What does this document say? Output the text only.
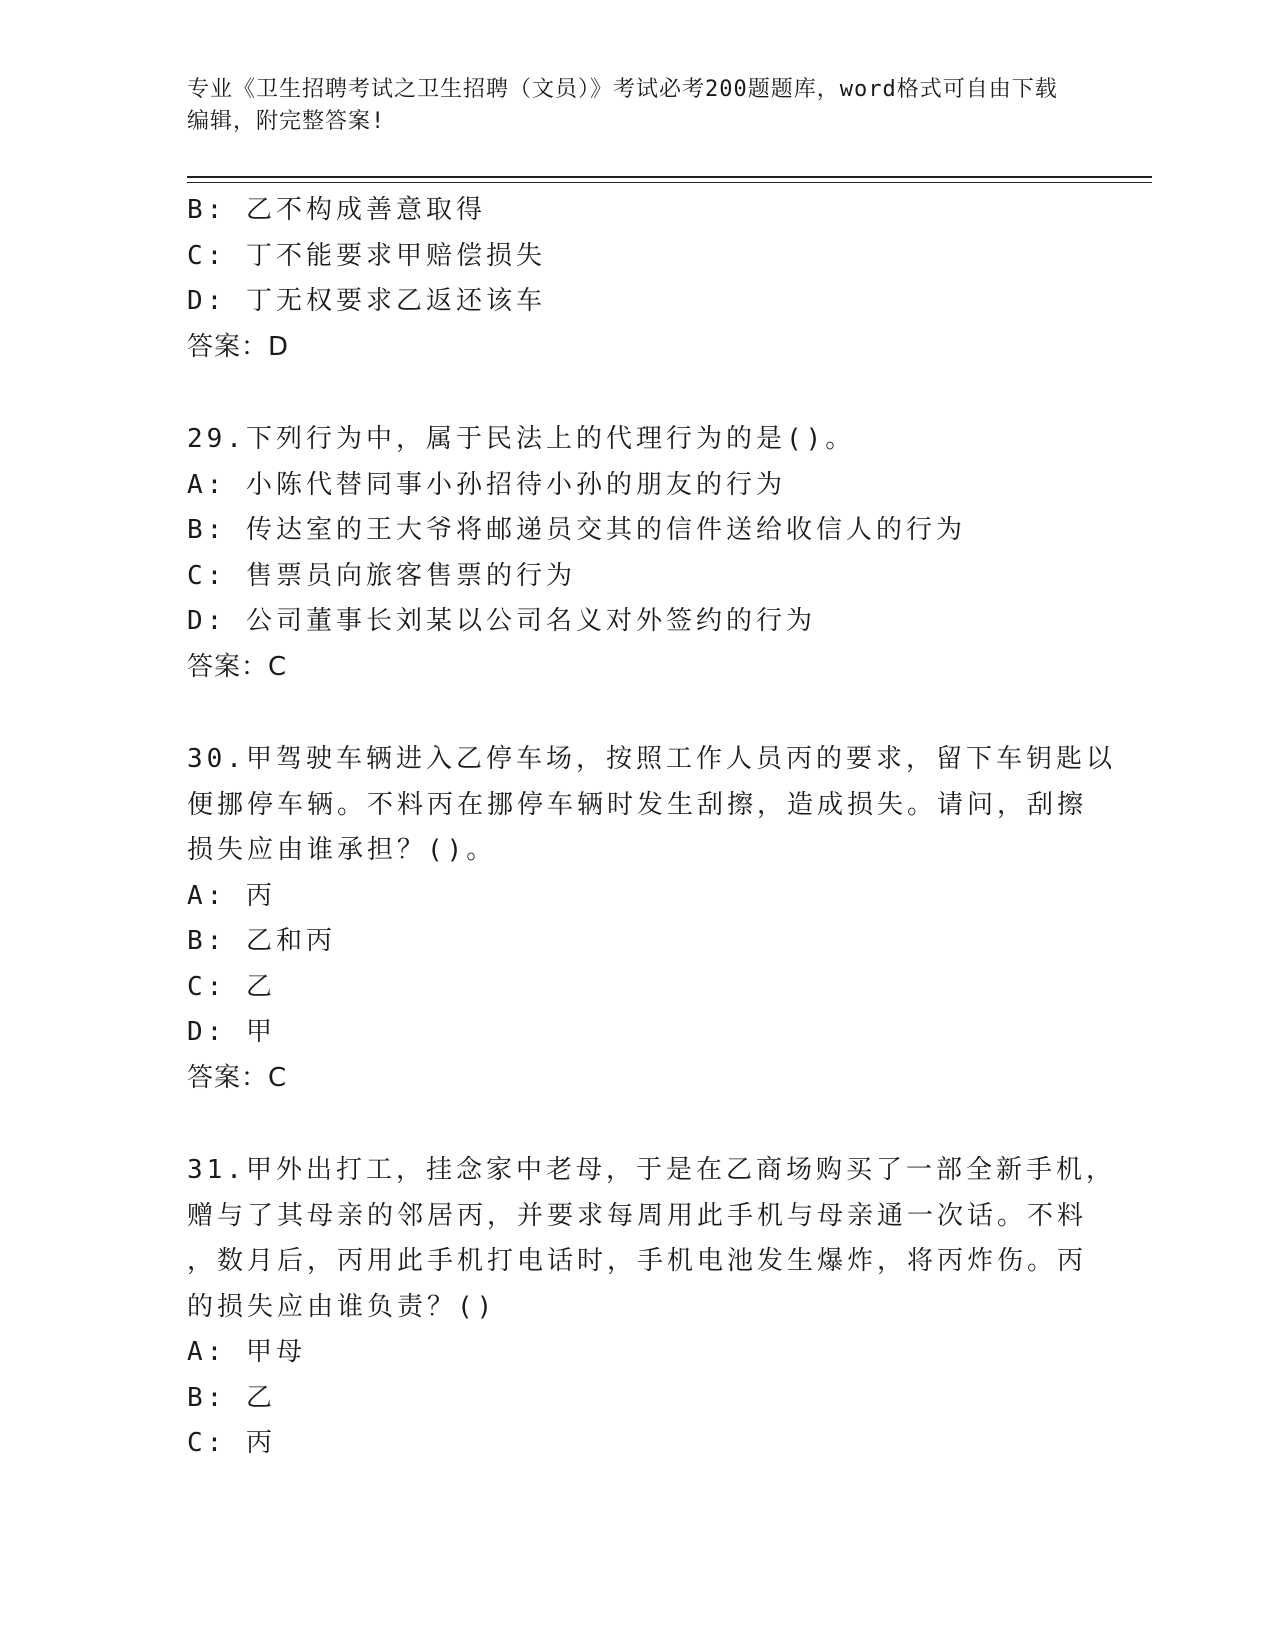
专业《卫生招聘考试之卫生招聘（文员）》考试必考200题题库，word格式可自由下载编辑，附完整答案!
B: 乙不构成善意取得
C: 丁不能要求甲赔偿损失
D: 丁无权要求乙返还该车
答案：D
29.下列行为中，属于民法上的代理行为的是()。
A: 小陈代替同事小孙招待小孙的朋友的行为
B: 传达室的王大爷将邮递员交其的信件送给收信人的行为
C: 售票员向旅客售票的行为
D: 公司董事长刘某以公司名义对外签约的行为
答案：C
30.甲驾驶车辆进入乙停车场，按照工作人员丙的要求，留下车钥匙以
便挪停车辆。不料丙在挪停车辆时发生刮擦，造成损失。请问，刮擦
损失应由谁承担？()。
A: 丙
B: 乙和丙
C: 乙
D: 甲
答案：C
31.甲外出打工，挂念家中老母，于是在乙商场购买了一部全新手机，
赠与了其母亲的邻居丙，并要求每周用此手机与母亲通一次话。不料
，数月后，丙用此手机打电话时，手机电池发生爆炸，将丙炸伤。丙
的损失应由谁负责？()
A: 甲母
B: 乙
C: 丙
